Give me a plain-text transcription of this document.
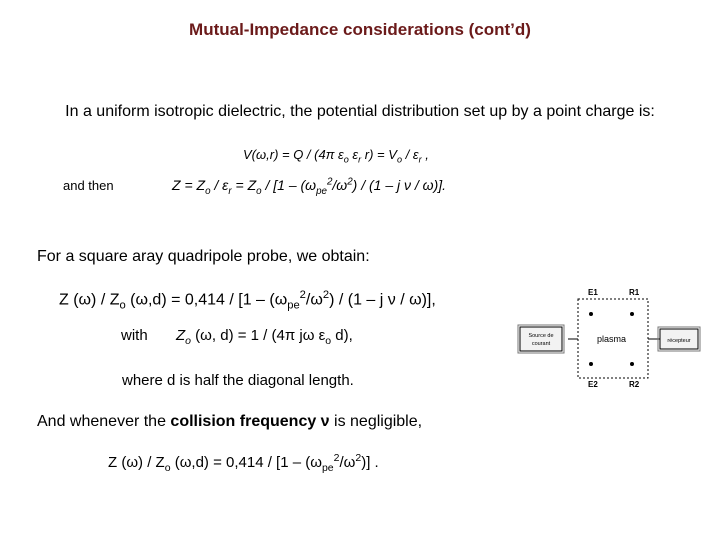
Mutual-Impedance considerations (cont’d)
In a uniform isotropic dielectric, the potential distribution set up by a point charge is:
V(ω,r) = Q / (4π $\varepsilon_o$ $\varepsilon_r$ $r) = V_o / \varepsilon_r$ ,
and then	$Z = Z_o / \varepsilon_r = Z_o / [1 - (\omega_{pe}^2/\omega^2) / (1 - j$ ν / ω)].
For a square aray quadripole probe, we obtain:
Z $(\omega) / Z_o$ $(\omega,d) = 0,414 / [1 - (\omega_{pe}^2/\omega^2) / (1 - j$ ν / ω)],
with $Z_o$ (ω, d) = 1 / (4π jω $\varepsilon_o$ d),
where d is half the diagonal length.
And whenever the collision frequency ν is negligible,
Z $(\omega) / Z_o$ $(\omega,d) = 0,414 / [1 - (\omega_{pe}^2/\omega^2)]$ .
E1	R1
E2	R2
plasma
Source de
courant	récepteur
